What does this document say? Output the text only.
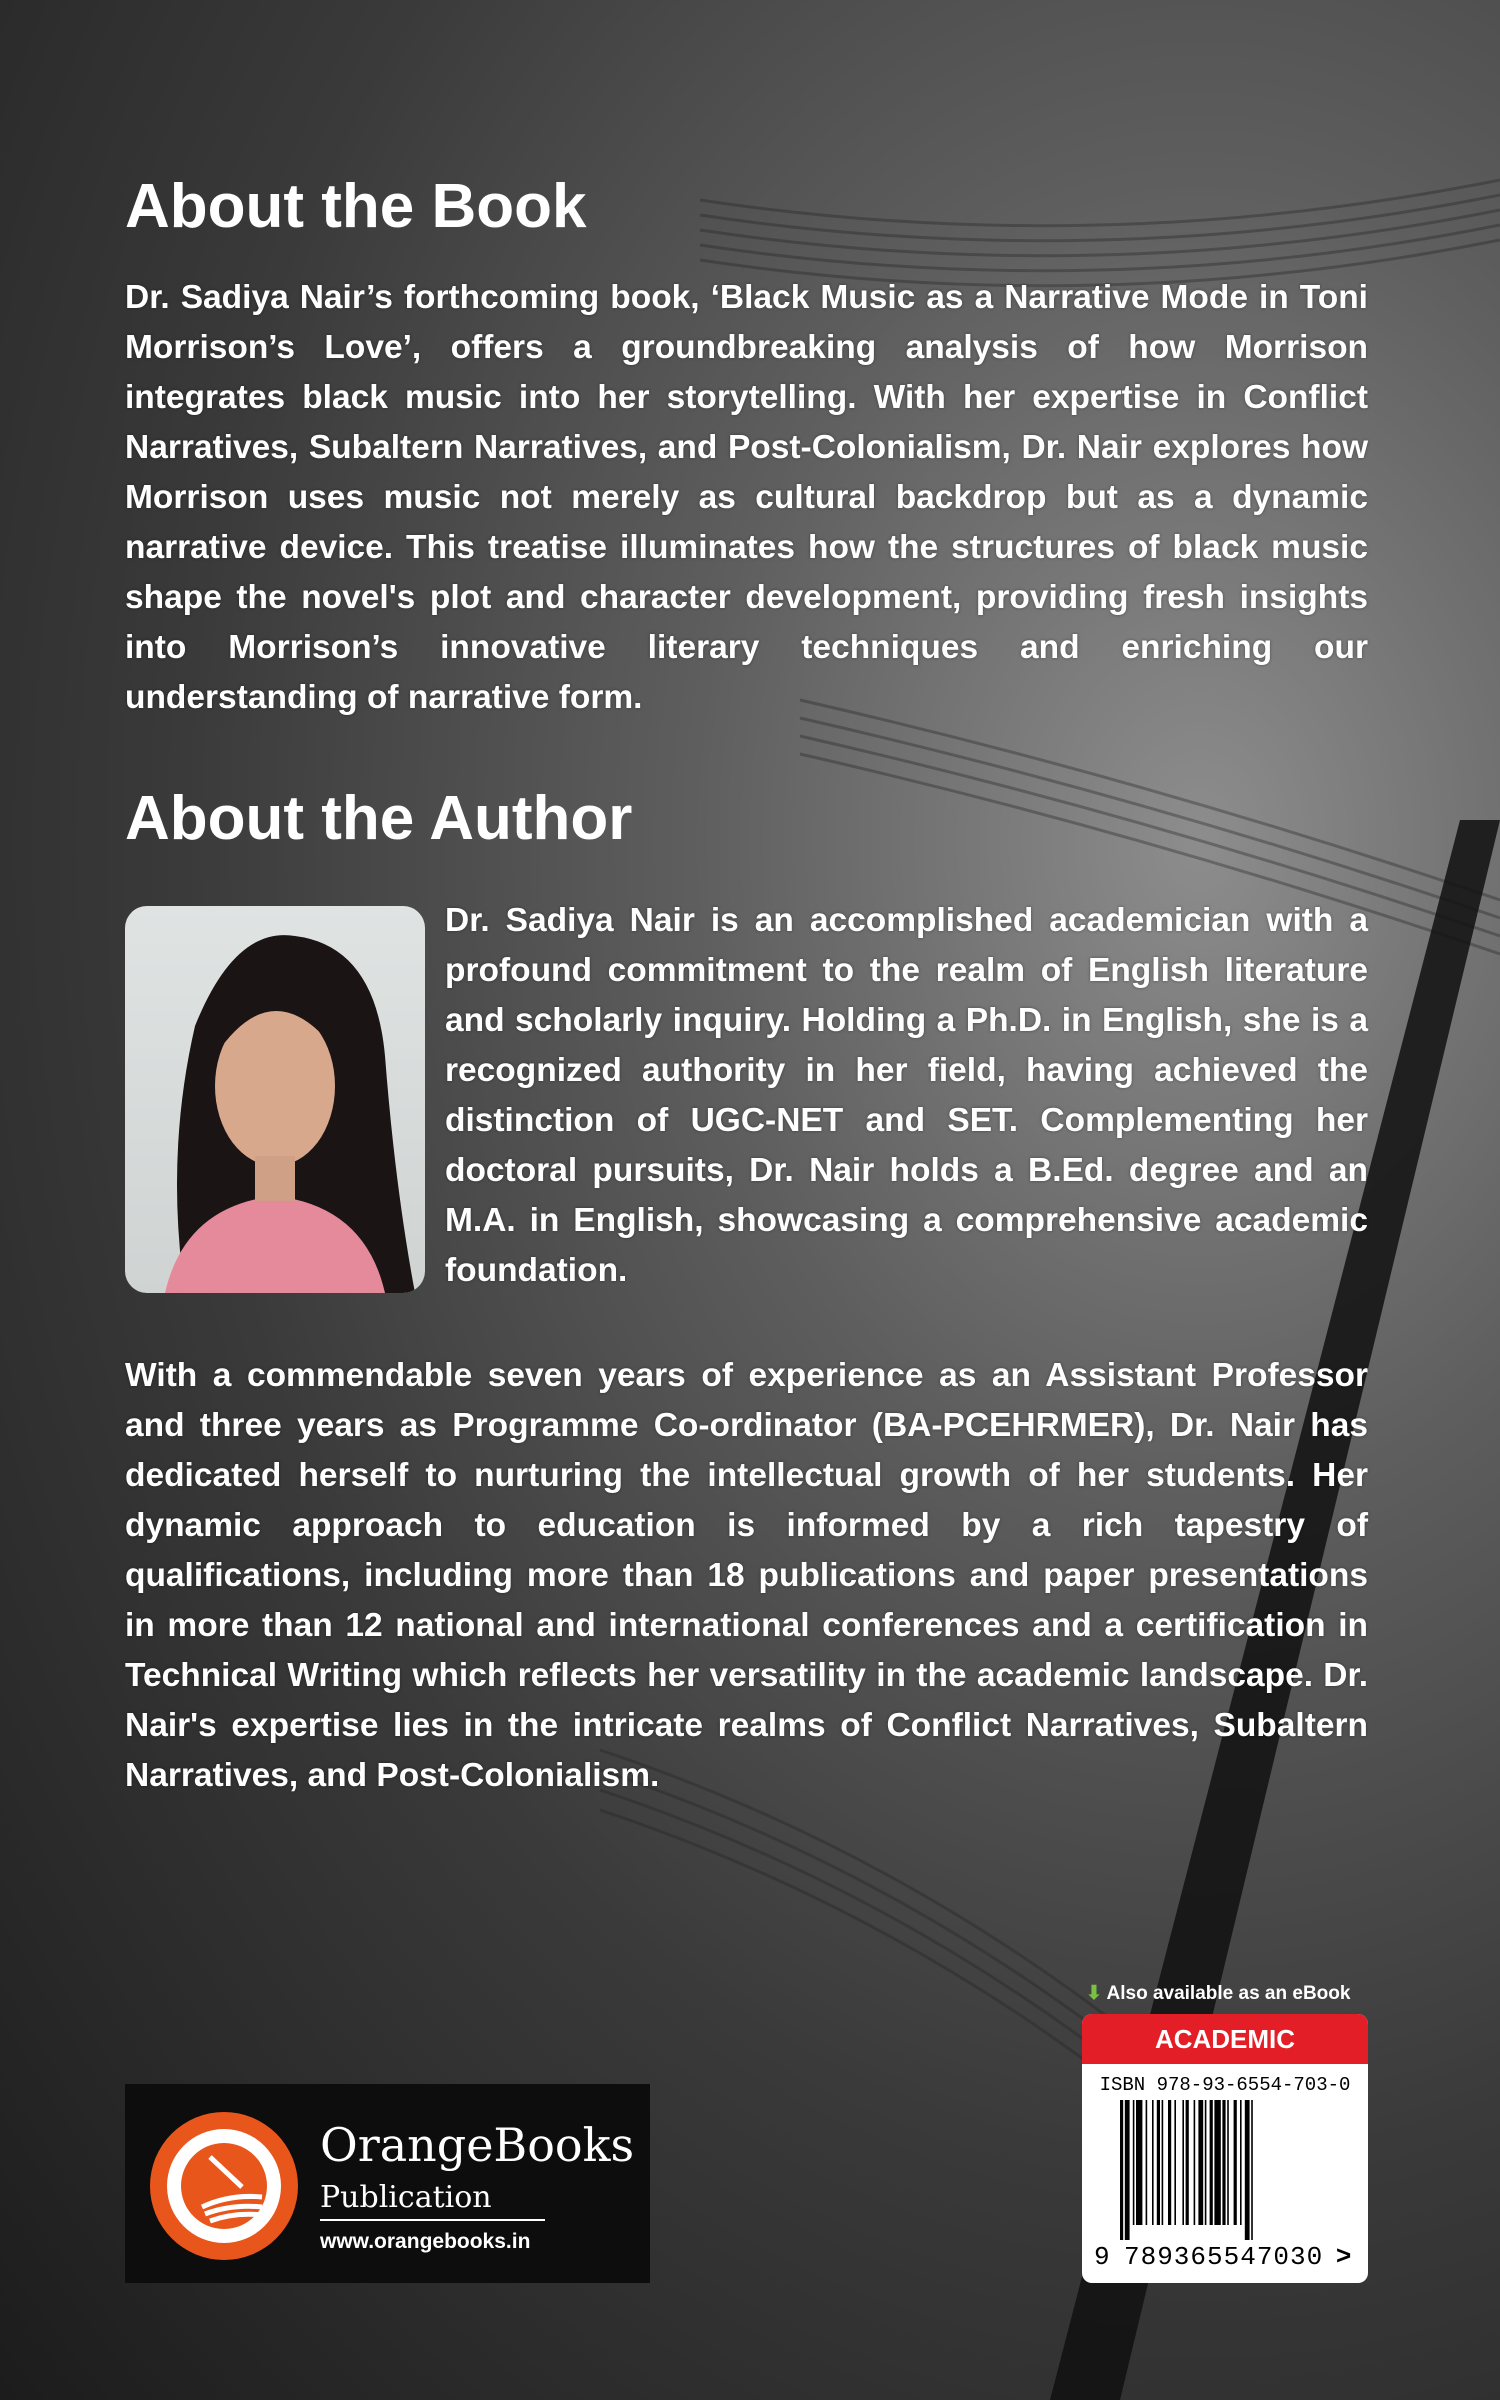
About the Book

Dr. Sadiya Nair’s forthcoming book, ‘Black Music as a Narrative Mode in Toni Morrison’s Love’, offers a groundbreaking analysis of how Morrison integrates black music into her storytelling. With her expertise in Conflict Narratives, Subaltern Narratives, and Post-Colonialism, Dr. Nair explores how Morrison uses music not merely as cultural backdrop but as a dynamic narrative device. This treatise illuminates how the structures of black music shape the novel's plot and character development, providing fresh insights into Morrison’s innovative literary techniques and enriching our understanding of narrative form.

About the Author

Dr. Sadiya Nair is an accomplished academician with a profound commitment to the realm of English literature and scholarly inquiry. Holding a Ph.D. in English, she is a recognized authority in her field, having achieved the distinction of UGC-NET and SET. Complementing her doctoral pursuits, Dr. Nair holds a B.Ed. degree and an M.A. in English, showcasing a comprehensive academic foundation.

With a commendable seven years of experience as an Assistant Professor and three years as Programme Co-ordinator (BA-PCEHRMER), Dr. Nair has dedicated herself to nurturing the intellectual growth of her students. Her dynamic approach to education is informed by a rich tapestry of qualifications, including more than 18 publications and paper presentations in more than 12 national and international conferences and a certification in Technical Writing which reflects her versatility in the academic landscape. Dr. Nair's expertise lies in the intricate realms of Conflict Narratives, Subaltern Narratives, and Post-Colonialism.

OrangeBooks
Publication
www.orangebooks.in
⬇ Also available as an eBook
ACADEMIC
ISBN 978-93-6554-703-0
9 789365547030 >
